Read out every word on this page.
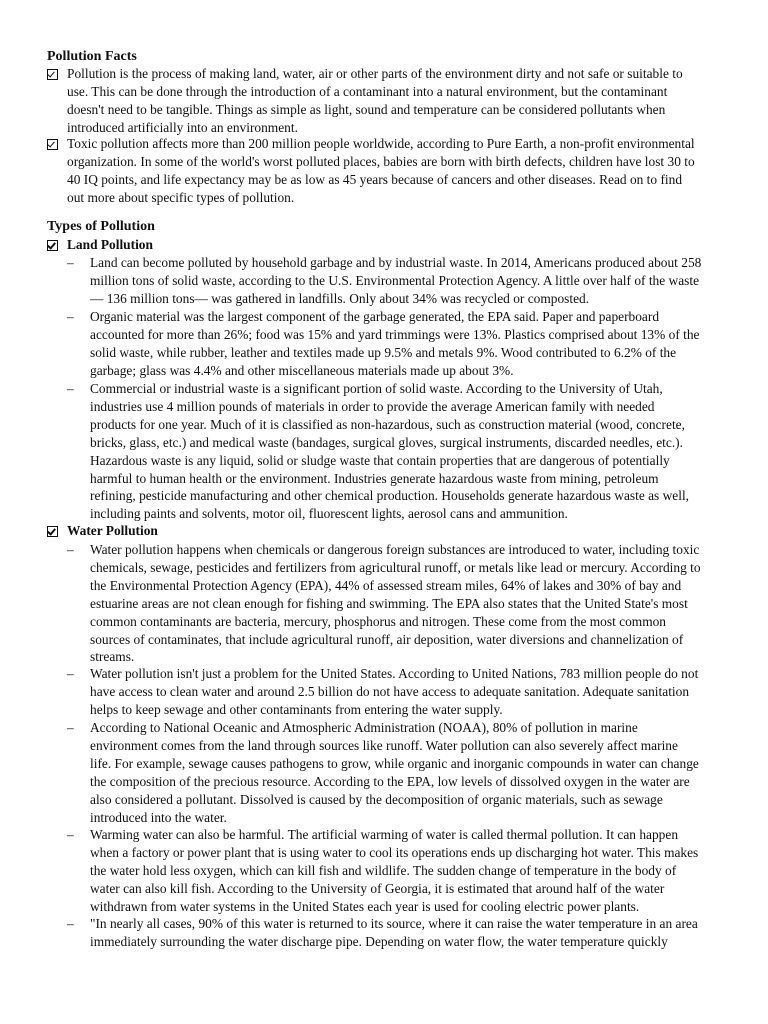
Pollution Facts
Pollution is the process of making land, water, air or other parts of the environment dirty and not safe or suitable to
use. This can be done through the introduction of a contaminant into a natural environment, but the contaminant
doesn't need to be tangible. Things as simple as light, sound and temperature can be considered pollutants when
introduced artificially into an environment.
Toxic pollution affects more than 200 million people worldwide, according to Pure Earth, a non-profit environmental
organization. In some of the world's worst polluted places, babies are born with birth defects, children have lost 30 to
40 IQ points, and life expectancy may be as low as 45 years because of cancers and other diseases. Read on to find
out more about specific types of pollution.
Types of Pollution
Land Pollution
–	Land can become polluted by household garbage and by industrial waste. In 2014, Americans produced about 258
million tons of solid waste, according to the U.S. Environmental Protection Agency. A little over half of the waste
— 136 million tons— was gathered in landfills. Only about 34% was recycled or composted.
–	Organic material was the largest component of the garbage generated, the EPA said. Paper and paperboard
accounted for more than 26%; food was 15% and yard trimmings were 13%. Plastics comprised about 13% of the
solid waste, while rubber, leather and textiles made up 9.5% and metals 9%. Wood contributed to 6.2% of the
garbage; glass was 4.4% and other miscellaneous materials made up about 3%.
–	Commercial or industrial waste is a significant portion of solid waste. According to the University of Utah,
industries use 4 million pounds of materials in order to provide the average American family with needed
products for one year. Much of it is classified as non-hazardous, such as construction material (wood, concrete,
bricks, glass, etc.) and medical waste (bandages, surgical gloves, surgical instruments, discarded needles, etc.).
Hazardous waste is any liquid, solid or sludge waste that contain properties that are dangerous of potentially
harmful to human health or the environment. Industries generate hazardous waste from mining, petroleum
refining, pesticide manufacturing and other chemical production. Households generate hazardous waste as well,
including paints and solvents, motor oil, fluorescent lights, aerosol cans and ammunition.
Water Pollution
–	Water pollution happens when chemicals or dangerous foreign substances are introduced to water, including toxic
chemicals, sewage, pesticides and fertilizers from agricultural runoff, or metals like lead or mercury. According to
the Environmental Protection Agency (EPA), 44% of assessed stream miles, 64% of lakes and 30% of bay and
estuarine areas are not clean enough for fishing and swimming. The EPA also states that the United State's most
common contaminants are bacteria, mercury, phosphorus and nitrogen. These come from the most common
sources of contaminates, that include agricultural runoff, air deposition, water diversions and channelization of
streams.
–	Water pollution isn't just a problem for the United States. According to United Nations, 783 million people do not
have access to clean water and around 2.5 billion do not have access to adequate sanitation. Adequate sanitation
helps to keep sewage and other contaminants from entering the water supply.
–	According to National Oceanic and Atmospheric Administration (NOAA), 80% of pollution in marine
environment comes from the land through sources like runoff. Water pollution can also severely affect marine
life. For example, sewage causes pathogens to grow, while organic and inorganic compounds in water can change
the composition of the precious resource. According to the EPA, low levels of dissolved oxygen in the water are
also considered a pollutant. Dissolved is caused by the decomposition of organic materials, such as sewage
introduced into the water.
–	Warming water can also be harmful. The artificial warming of water is called thermal pollution. It can happen
when a factory or power plant that is using water to cool its operations ends up discharging hot water. This makes
the water hold less oxygen, which can kill fish and wildlife. The sudden change of temperature in the body of
water can also kill fish. According to the University of Georgia, it is estimated that around half of the water
withdrawn from water systems in the United States each year is used for cooling electric power plants.
–	"In nearly all cases, 90% of this water is returned to its source, where it can raise the water temperature in an area
immediately surrounding the water discharge pipe. Depending on water flow, the water temperature quickly
